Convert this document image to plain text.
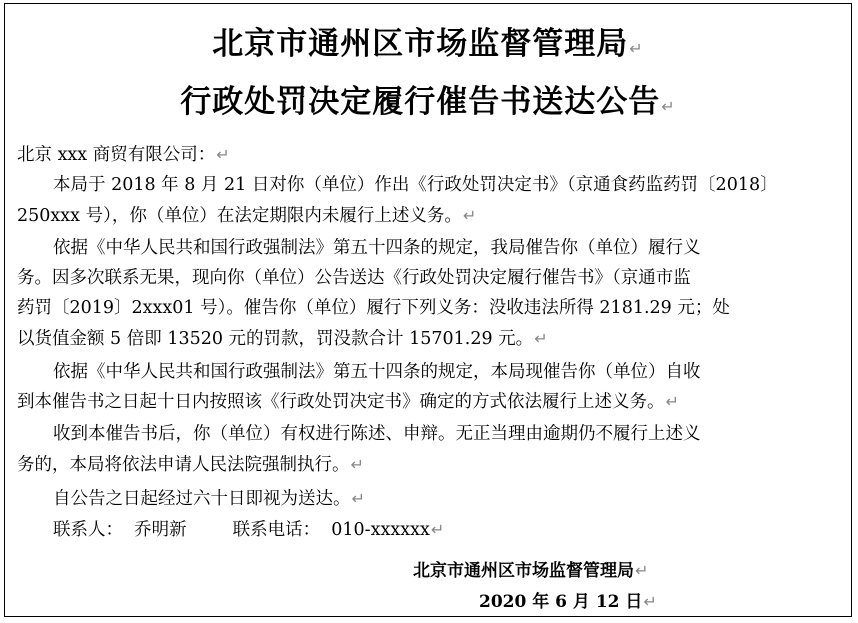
北京市通州区市场监督管理局↵
行政处罚决定履行催告书送达公告↵
北京 xxx 商贸有限公司：↵
本局于 2018 年 8 月 21 日对你（单位）作出《行政处罚决定书》（京通食药监药罚〔2018〕
250xxx 号），你（单位）在法定期限内未履行上述义务。↵
依据《中华人民共和国行政强制法》第五十四条的规定，我局催告你（单位）履行义
务。因多次联系无果，现向你（单位）公告送达《行政处罚决定履行催告书》（京通市监
药罚〔2019〕2xxx01 号）。催告你（单位）履行下列义务：没收违法所得 2181.29 元；处
以货值金额 5 倍即 13520 元的罚款，罚没款合计 15701.29 元。↵
依据《中华人民共和国行政强制法》第五十四条的规定，本局现催告你（单位）自收
到本催告书之日起十日内按照该《行政处罚决定书》确定的方式依法履行上述义务。↵
收到本催告书后，你（单位）有权进行陈述、申辩。无正当理由逾期仍不履行上述义
务的，本局将依法申请人民法院强制执行。↵
自公告之日起经过六十日即视为送达。↵
联系人： 乔明新	联系电话： 010-xxxxxx↵
北京市通州区市场监督管理局↵
2020 年 6 月 12 日↵
